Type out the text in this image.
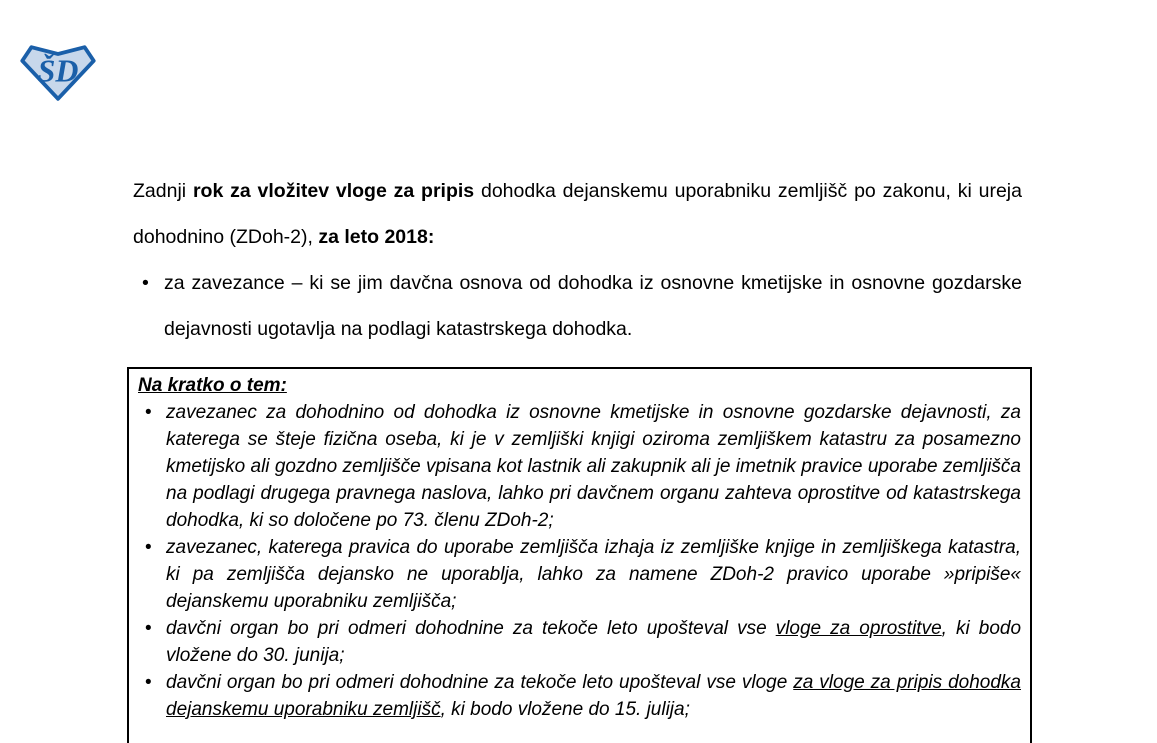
ŠD

Zadnji rok za vložitev vloge za pripis dohodka dejanskemu uporabniku zemljišč po zakonu, ki ureja dohodnino (ZDoh-2), za leto 2018:

• za zavezance – ki se jim davčna osnova od dohodka iz osnovne kmetijske in osnovne gozdarske dejavnosti ugotavlja na podlagi katastrskega dohodka.
Na kratko o tem:
• zavezanec za dohodnino od dohodka iz osnovne kmetijske in osnovne gozdarske dejavnosti, za katerega se šteje fizična oseba, ki je v zemljiški knjigi oziroma zemljiškem katastru za posamezno kmetijsko ali gozdno zemljišče vpisana kot lastnik ali zakupnik ali je imetnik pravice uporabe zemljišča na podlagi drugega pravnega naslova, lahko pri davčnem organu zahteva oprostitve od katastrskega dohodka, ki so določene po 73. členu ZDoh-2;
• zavezanec, katerega pravica do uporabe zemljišča izhaja iz zemljiške knjige in zemljiškega katastra, ki pa zemljišča dejansko ne uporablja, lahko za namene ZDoh-2 pravico uporabe »pripiše« dejanskemu uporabniku zemljišča;
• davčni organ bo pri odmeri dohodnine za tekoče leto upošteval vse vloge za oprostitve, ki bodo vložene do 30. junija;
• davčni organ bo pri odmeri dohodnine za tekoče leto upošteval vse vloge za vloge za pripis dohodka dejanskemu uporabniku zemljišč, ki bodo vložene do 15. julija;
